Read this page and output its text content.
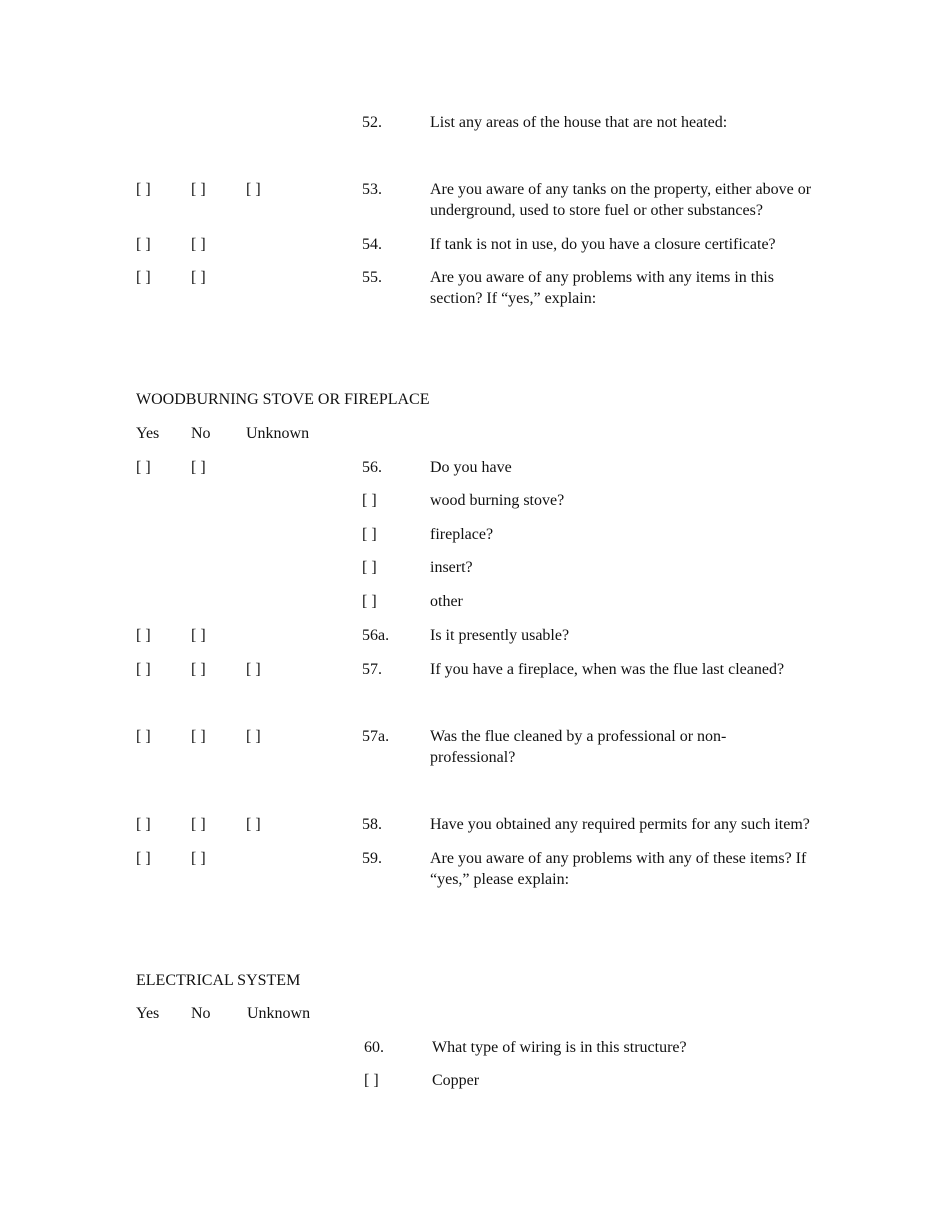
52.	List any areas of the house that are not heated:
[ ]	[ ]	[ ]	53.	Are you aware of any tanks on the property, either above or underground, used to store fuel or other substances?
[ ]	[ ]	54.	If tank is not in use, do you have a closure certificate?
[ ]	[ ]	55.	Are you aware of any problems with any items in this section? If “yes,” explain:
WOODBURNING STOVE OR FIREPLACE
Yes No Unknown
[ ]	[ ]	56.	Do you have
[ ]	wood burning stove?
[ ]	fireplace?
[ ]	insert?
[ ]	other
[ ]	[ ]	56a.	Is it presently usable?
[ ]	[ ]	[ ]	57.	If you have a fireplace, when was the flue last cleaned?
[ ]	[ ]	[ ]	57a.	Was the flue cleaned by a professional or non-professional?
[ ]	[ ]	[ ]	58.	Have you obtained any required permits for any such item?
[ ]	[ ]	59.	Are you aware of any problems with any of these items? If “yes,” please explain:
ELECTRICAL SYSTEM
Yes No Unknown
60.	What type of wiring is in this structure?
[ ]	Copper
